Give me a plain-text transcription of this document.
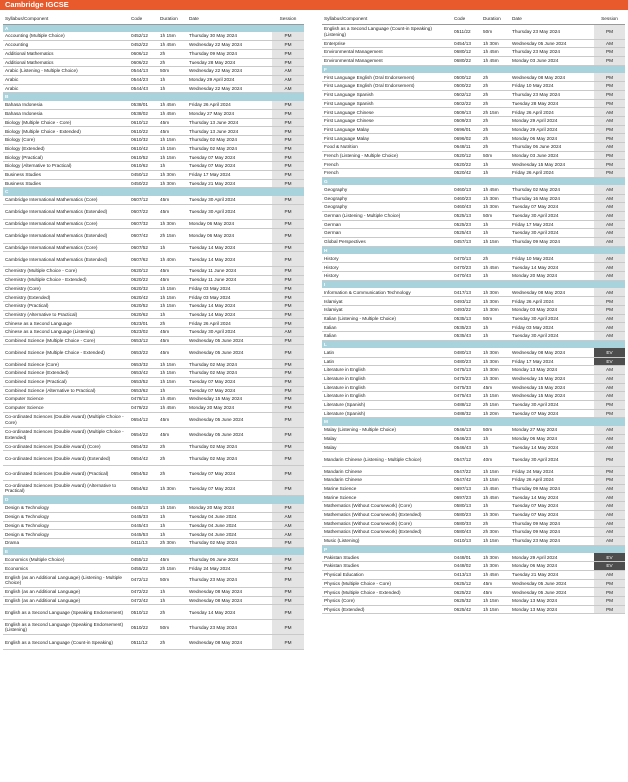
Cambridge IGCSE
Syllabus/Component	Code	Duration	Date	Session
A				
Accounting (Multiple Choice)	0452/12	1h 15m	Thursday 30 May 2024	PM
Accounting	0452/22	1h 45m	Wednesday 22 May 2024	PM
Additional Mathematics	0606/12	2h	Thursday 09 May 2024	PM
Additional Mathematics	0606/22	2h	Tuesday 28 May 2024	PM
Arabic (Listening - Multiple Choice)	0544/13	50m	Wednesday 22 May 2024	AM
Arabic	0544/23	1h	Monday 29 April 2024	AM
Arabic	0544/43	1h	Wednesday 22 May 2024	AM
B				
Bahasa Indonesia	0538/01	1h 45m	Friday 26 April 2024	PM
Bahasa Indonesia	0538/02	1h 45m	Monday 27 May 2024	PM
Biology (Multiple Choice - Core)	0610/12	45m	Thursday 13 June 2024	PM
Biology (Multiple Choice - Extended)	0610/22	45m	Thursday 13 June 2024	PM
Biology (Core)	0610/32	1h 15m	Thursday 02 May 2024	PM
Biology (Extended)	0610/42	1h 15m	Thursday 02 May 2024	PM
Biology (Practical)	0610/52	1h 15m	Tuesday 07 May 2024	PM
Biology (Alternative to Practical)	0610/62	1h	Tuesday 07 May 2024	PM
Business Studies	0450/12	1h 30m	Friday 17 May 2024	PM
Business Studies	0450/22	1h 30m	Tuesday 21 May 2024	PM
C				
Cambridge International Mathematics (Core)	0607/12	45m	Tuesday 30 April 2024	PM
Cambridge International Mathematics (Extended)	0607/22	45m	Tuesday 30 April 2024	PM
Cambridge International Mathematics (Core)	0607/32	1h 30m	Monday 06 May 2024	PM
Cambridge International Mathematics (Extended)	0607/42	2h 15m	Monday 06 May 2024	PM
Cambridge International Mathematics (Core)	0607/52	1h	Tuesday 14 May 2024	PM
Cambridge International Mathematics (Extended)	0607/62	1h 40m	Tuesday 14 May 2024	PM
Chemistry (Multiple Choice - Core)	0620/12	45m	Tuesday 11 June 2024	PM
Chemistry (Multiple Choice - Extended)	0620/22	45m	Tuesday 11 June 2024	PM
Chemistry (Core)	0620/32	1h 15m	Friday 03 May 2024	PM
Chemistry (Extended)	0620/42	1h 15m	Friday 03 May 2024	PM
Chemistry (Practical)	0620/52	1h 15m	Tuesday 14 May 2024	PM
Chemistry (Alternative to Practical)	0620/62	1h	Tuesday 14 May 2024	PM
Chinese as a Second Language	0523/01	2h	Friday 26 April 2024	PM
Chinese as a Second Language (Listening)	0523/02	45m	Tuesday 30 April 2024	AM
Combined Science (Multiple Choice - Core)	0653/12	45m	Wednesday 05 June 2024	PM
Combined Science (Multiple Choice - Extended)	0653/22	45m	Wednesday 05 June 2024	PM
Combined Science (Core)	0653/32	1h 15m	Thursday 02 May 2024	PM
Combined Science (Extended)	0653/42	1h 15m	Thursday 02 May 2024	PM
Combined Science (Practical)	0653/52	1h 15m	Tuesday 07 May 2024	PM
Combined Science (Alternative to Practical)	0653/62	1h	Tuesday 07 May 2024	PM
Computer Science	0478/12	1h 45m	Wednesday 15 May 2024	PM
Computer Science	0478/22	1h 45m	Monday 20 May 2024	PM
Co-ordinated Sciences (Double Award) (Multiple Choice - Core)	0654/12	45m	Wednesday 05 June 2024	PM
Co-ordinated Sciences (Double Award) (Multiple Choice - Extended)	0654/22	45m	Wednesday 05 June 2024	PM
Co-ordinated Sciences (Double Award) (Core)	0654/32	2h	Thursday 02 May 2024	PM
Co-ordinated Sciences (Double Award) (Extended)	0654/42	2h	Thursday 02 May 2024	PM
Co-ordinated Sciences (Double Award) (Practical)	0654/52	2h	Tuesday 07 May 2024	PM
Co-ordinated Sciences (Double Award) (Alternative to Practical)	0654/62	1h 30m	Tuesday 07 May 2024	PM
D				
Design & Technology	0445/13	1h 15m	Monday 20 May 2024	PM
Design & Technology	0445/33	1h	Tuesday 04 June 2024	AM
Design & Technology	0445/43	1h	Tuesday 04 June 2024	AM
Design & Technology	0445/53	1h	Tuesday 04 June 2024	AM
Drama	0411/13	2h 30m	Thursday 02 May 2024	PM
E				
Economics (Multiple Choice)	0455/12	45m	Thursday 06 June 2024	PM
Economics	0455/22	2h 15m	Friday 24 May 2024	PM
English (as an Additional Language) (Listening - Multiple Choice)	0472/12	50m	Thursday 23 May 2024	PM
English (as an Additional Language)	0472/22	1h	Wednesday 08 May 2024	PM
English (as an Additional Language)	0472/42	1h	Wednesday 08 May 2024	PM
English as a Second Language (Speaking Endorsement)	0510/12	2h	Tuesday 14 May 2024	PM
English as a Second Language (Speaking Endorsement) (Listening)	0510/22	50m	Thursday 23 May 2024	PM
English as a Second Language (Count-in Speaking)	0511/12	2h	Wednesday 08 May 2024	PM
Syllabus/Component	Code	Duration	Date	Session
English as a Second Language (Count-in Speaking) (Listening)	0511/22	50m	Thursday 23 May 2024	PM
Enterprise	0454/13	1h 30m	Wednesday 05 June 2024	AM
Environmental Management	0680/12	1h 45m	Thursday 23 May 2024	PM
Environmental Management	0680/22	1h 45m	Monday 03 June 2024	PM
F				
First Language English (Oral Endorsement)	0500/12	2h	Wednesday 08 May 2024	PM
First Language English (Oral Endorsement)	0500/22	2h	Friday 10 May 2024	PM
First Language Spanish	0502/12	2h	Thursday 23 May 2024	PM
First Language Spanish	0502/22	2h	Tuesday 28 May 2024	PM
First Language Chinese	0509/13	2h 15m	Friday 26 April 2024	AM
First Language Chinese	0509/23	2h	Monday 29 April 2024	AM
First Language Malay	0696/01	2h	Monday 29 April 2024	PM
First Language Malay	0696/02	2h	Monday 06 May 2024	PM
Food & Nutrition	0648/11	2h	Thursday 06 June 2024	AM
French (Listening - Multiple Choice)	0520/12	50m	Monday 03 June 2024	PM
French	0520/22	1h	Wednesday 15 May 2024	PM
French	0520/42	1h	Friday 26 April 2024	PM
G				
Geography	0460/13	1h 45m	Thursday 02 May 2024	AM
Geography	0460/23	1h 30m	Thursday 16 May 2024	AM
Geography	0460/43	1h 30m	Tuesday 07 May 2024	AM
German (Listening - Multiple Choice)	0525/13	50m	Tuesday 30 April 2024	AM
German	0525/23	1h	Friday 17 May 2024	AM
German	0525/43	1h	Tuesday 30 April 2024	AM
Global Perspectives	0457/13	1h 15m	Thursday 09 May 2024	AM
H				
History	0470/13	2h	Friday 10 May 2024	AM
History	0470/23	1h 45m	Tuesday 14 May 2024	AM
History	0470/43	1h	Monday 20 May 2024	AM
I				
Information & Communication Technology	0417/13	1h 30m	Wednesday 08 May 2024	AM
Islamiyat	0493/12	1h 30m	Friday 26 April 2024	PM
Islamiyat	0493/22	1h 30m	Monday 03 May 2024	PM
Italian (Listening - Multiple Choice)	0535/13	50m	Tuesday 30 April 2024	AM
Italian	0535/23	1h	Friday 03 May 2024	AM
Italian	0535/43	1h	Tuesday 30 April 2024	AM
L				
Latin	0480/13	1h 30m	Wednesday 08 May 2024	EV
Latin	0480/23	1h 30m	Friday 17 May 2024	EV
Literature in English	0475/13	1h 30m	Monday 13 May 2024	AM
Literature in English	0475/23	1h 30m	Wednesday 15 May 2024	AM
Literature in English	0475/33	45m	Wednesday 15 May 2024	AM
Literature in English	0475/43	1h 15m	Wednesday 15 May 2024	AM
Literature (Spanish)	0488/12	2h 15m	Tuesday 30 April 2024	PM
Literature (Spanish)	0488/32	1h 20m	Tuesday 07 May 2024	PM
M				
Malay (Listening - Multiple Choice)	0546/13	50m	Monday 27 May 2024	AM
Malay	0546/23	1h	Monday 06 May 2024	AM
Malay	0546/43	1h	Tuesday 14 May 2024	AM
Mandarin Chinese (Listening - Multiple Choice)	0547/12	40m	Tuesday 30 April 2024	PM
Mandarin Chinese	0547/22	1h 15m	Friday 24 May 2024	PM
Mandarin Chinese	0547/42	1h 15m	Friday 26 April 2024	PM
Marine Science	0697/13	1h 45m	Thursday 09 May 2024	AM
Marine Science	0697/23	1h 45m	Tuesday 14 May 2024	AM
Mathematics (Without Coursework) (Core)	0580/13	1h	Tuesday 07 May 2024	AM
Mathematics (Without Coursework) (Extended)	0580/23	1h 30m	Tuesday 07 May 2024	AM
Mathematics (Without Coursework) (Core)	0580/33	2h	Thursday 09 May 2024	AM
Mathematics (Without Coursework) (Extended)	0580/43	2h 30m	Thursday 09 May 2024	AM
Music (Listening)	0410/13	1h 15m	Thursday 23 May 2024	AM
P				
Pakistan Studies	0448/01	1h 30m	Monday 29 April 2024	EV
Pakistan Studies	0448/02	1h 30m	Monday 06 May 2024	EV
Physical Education	0413/13	1h 45m	Tuesday 21 May 2024	AM
Physics (Multiple Choice - Core)	0625/12	45m	Wednesday 05 June 2024	PM
Physics (Multiple Choice - Extended)	0625/22	45m	Wednesday 05 June 2024	PM
Physics (Core)	0625/32	1h 15m	Monday 13 May 2024	PM
Physics (Extended)	0625/42	1h 15m	Monday 13 May 2024	PM
